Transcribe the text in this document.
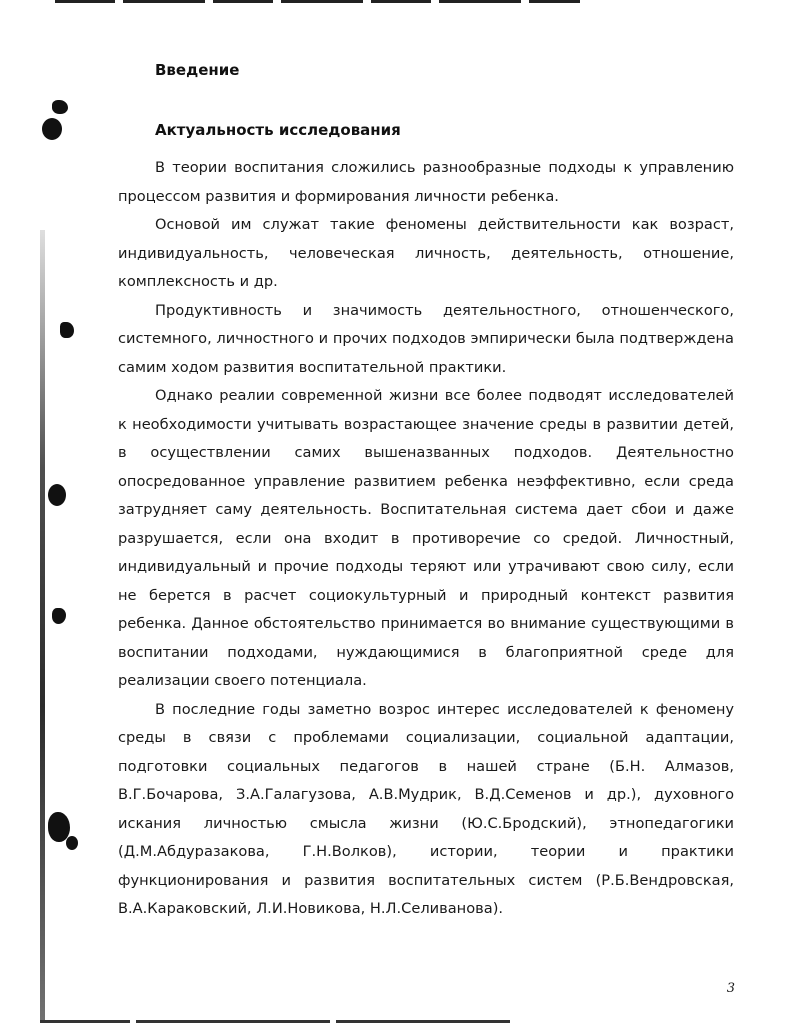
Введение
Актуальность исследования

В теории воспитания сложились разнообразные подходы к управлению процессом развития и формирования личности ребенка.

Основой им служат такие феномены действительности как возраст, индивидуальность, человеческая личность, деятельность, отношение, комплексность и др.

Продуктивность и значимость деятельностного, отношенческого, системного, личностного и прочих подходов эмпирически была подтверждена самим ходом развития воспитательной практики.

Однако реалии современной жизни все более подводят исследователей к необходимости учитывать возрастающее значение среды в развитии детей, в осуществлении самих вышеназванных подходов. Деятельностно опосредованное управление развитием ребенка неэффективно, если среда затрудняет саму деятельность. Воспитательная система дает сбои и даже разрушается, если она входит в противоречие со средой. Личностный, индивидуальный и прочие подходы теряют или утрачивают свою силу, если не берется в расчет социокультурный и природный контекст развития ребенка. Данное обстоятельство принимается во внимание существующими в воспитании подходами, нуждающимися в благоприятной среде для реализации своего потенциала.

В последние годы заметно возрос интерес исследователей к феномену среды в связи с проблемами социализации, социальной адаптации, подготовки социальных педагогов в нашей стране (Б.Н. Алмазов, В.Г.Бочарова, З.А.Галагузова, А.В.Мудрик, В.Д.Семенов и др.), духовного искания личностью смысла жизни (Ю.С.Бродский), этнопедагогики (Д.М.Абдуразакова, Г.Н.Волков), истории, теории и практики функционирования и развития воспитательных систем (Р.Б.Вендровская, В.А.Караковский, Л.И.Новикова, Н.Л.Селиванова).

3
